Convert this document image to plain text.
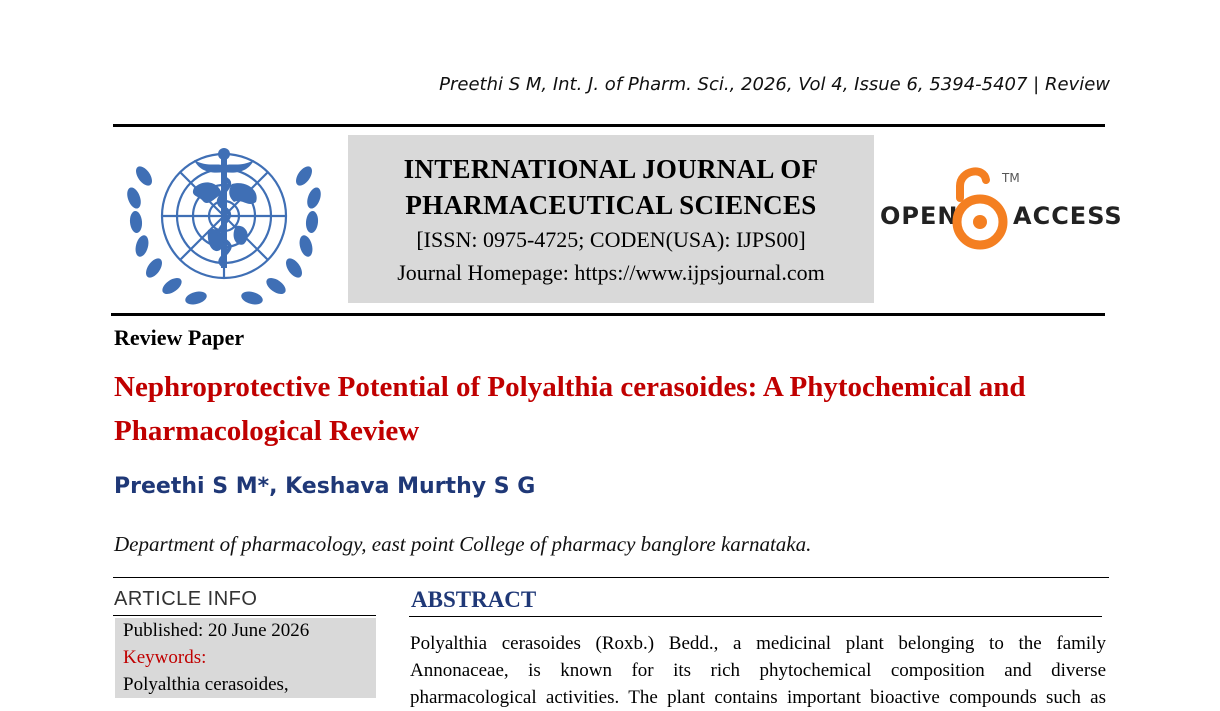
Preethi S M, Int. J. of Pharm. Sci., 2026, Vol 4, Issue 6, 5394-5407 | Review
INTERNATIONAL JOURNAL OF
PHARMACEUTICAL SCIENCES
[ISSN: 0975-4725; CODEN(USA): IJPS00]
Journal Homepage: https://www.ijpsjournal.com
OPEN
TM
ACCESS
Review Paper
Nephroprotective Potential of Polyalthia cerasoides: A Phytochemical and Pharmacological Review
Preethi S M*, Keshava Murthy S G
Department of pharmacology, east point College of pharmacy banglore karnataka.
ARTICLE INFO
Published: 20 June 2026
Keywords:
Polyalthia cerasoides,
ABSTRACT
Polyalthia cerasoides (Roxb.) Bedd., a medicinal plant belonging to the family
Annonaceae, is known for its rich phytochemical composition and diverse
pharmacological activities. The plant contains important bioactive compounds such as
